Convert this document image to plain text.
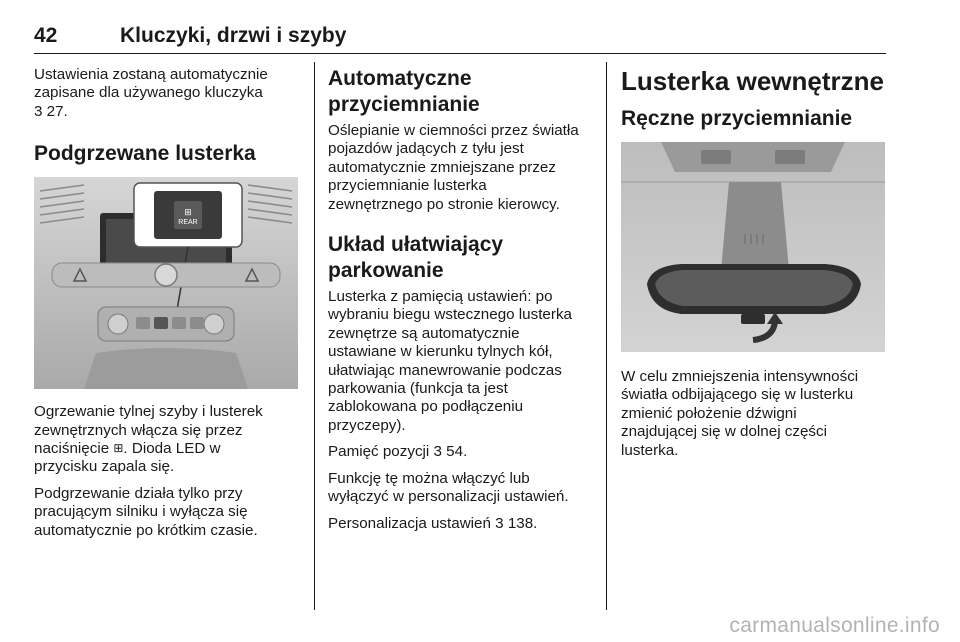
42	Kluczyki, drzwi i szyby

Ustawienia zostaną automatycznie
zapisane dla używanego kluczyka
3 27.

Podgrzewane lusterka
REAR
⊞

Ogrzewanie tylnej szyby i lusterek
zewnętrznych włącza się przez
naciśnięcie ⊞. Dioda LED w
przycisku zapala się.

Podgrzewanie działa tylko przy
pracującym silniku i wyłącza się
automatycznie po krótkim czasie.

Automatyczne
przyciemnianie

Oślepianie w ciemności przez światła
pojazdów jadących z tyłu jest
automatycznie zmniejszane przez
przyciemnianie lusterka
zewnętrznego po stronie kierowcy.

Układ ułatwiający
parkowanie

Lusterka z pamięcią ustawień: po
wybraniu biegu wstecznego lusterka
zewnętrze są automatycznie
ustawiane w kierunku tylnych kół,
ułatwiając manewrowanie podczas
parkowania (funkcja ta jest
zablokowana po podłączeniu
przyczepy).

Pamięć pozycji 3 54.

Funkcję tę można włączyć lub
wyłączyć w personalizacji ustawień.

Personalizacja ustawień 3 138.

Lusterka wewnętrzne
Ręczne przyciemnianie

W celu zmniejszenia intensywności
światła odbijającego się w lusterku
zmienić położenie dźwigni
znajdującej się w dolnej części
lusterka.

carmanualsonline.info
